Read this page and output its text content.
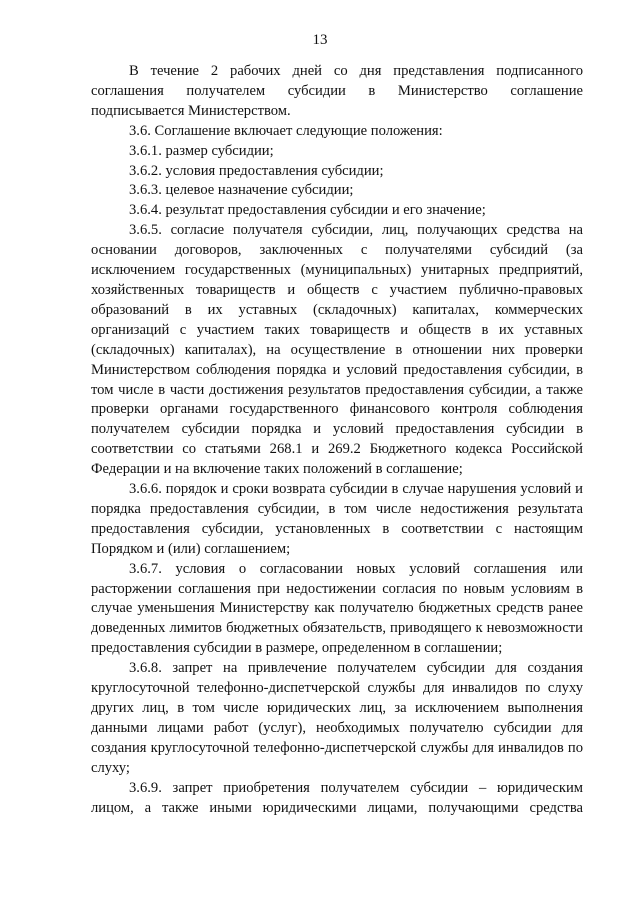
13

В течение 2 рабочих дней со дня представления подписанного соглашения получателем субсидии в Министерство соглашение подписывается Министерством.

3.6. Соглашение включает следующие положения:

3.6.1. размер субсидии;

3.6.2. условия предоставления субсидии;

3.6.3. целевое назначение субсидии;

3.6.4. результат предоставления субсидии и его значение;

3.6.5. согласие получателя субсидии, лиц, получающих средства на основании договоров, заключенных с получателями субсидий (за исключением государственных (муниципальных) унитарных предприятий, хозяйственных товариществ и обществ с участием публично-правовых образований в их уставных (складочных) капиталах, коммерческих организаций с участием таких товариществ и обществ в их уставных (складочных) капиталах), на осуществление в отношении них проверки Министерством соблюдения порядка и условий предоставления субсидии, в том числе в части достижения результатов предоставления субсидии, а также проверки органами государственного финансового контроля соблюдения получателем субсидии порядка и условий предоставления субсидии в соответствии со статьями 268.1 и 269.2 Бюджетного кодекса Российской Федерации и на включение таких положений в соглашение;

3.6.6. порядок и сроки возврата субсидии в случае нарушения условий и порядка предоставления субсидии, в том числе недостижения результата предоставления субсидии, установленных в соответствии с настоящим Порядком и (или) соглашением;

3.6.7. условия о согласовании новых условий соглашения или расторжении соглашения при недостижении согласия по новым условиям в случае уменьшения Министерству как получателю бюджетных средств ранее доведенных лимитов бюджетных обязательств, приводящего к невозможности предоставления субсидии в размере, определенном в соглашении;

3.6.8. запрет на привлечение получателем субсидии для создания круглосуточной телефонно-диспетчерской службы для инвалидов по слуху других лиц, в том числе юридических лиц, за исключением выполнения данными лицами работ (услуг), необходимых получателю субсидии для создания круглосуточной телефонно-диспетчерской службы для инвалидов по слуху;

3.6.9. запрет приобретения получателем субсидии – юридическим лицом, а также иными юридическими лицами, получающими средства
